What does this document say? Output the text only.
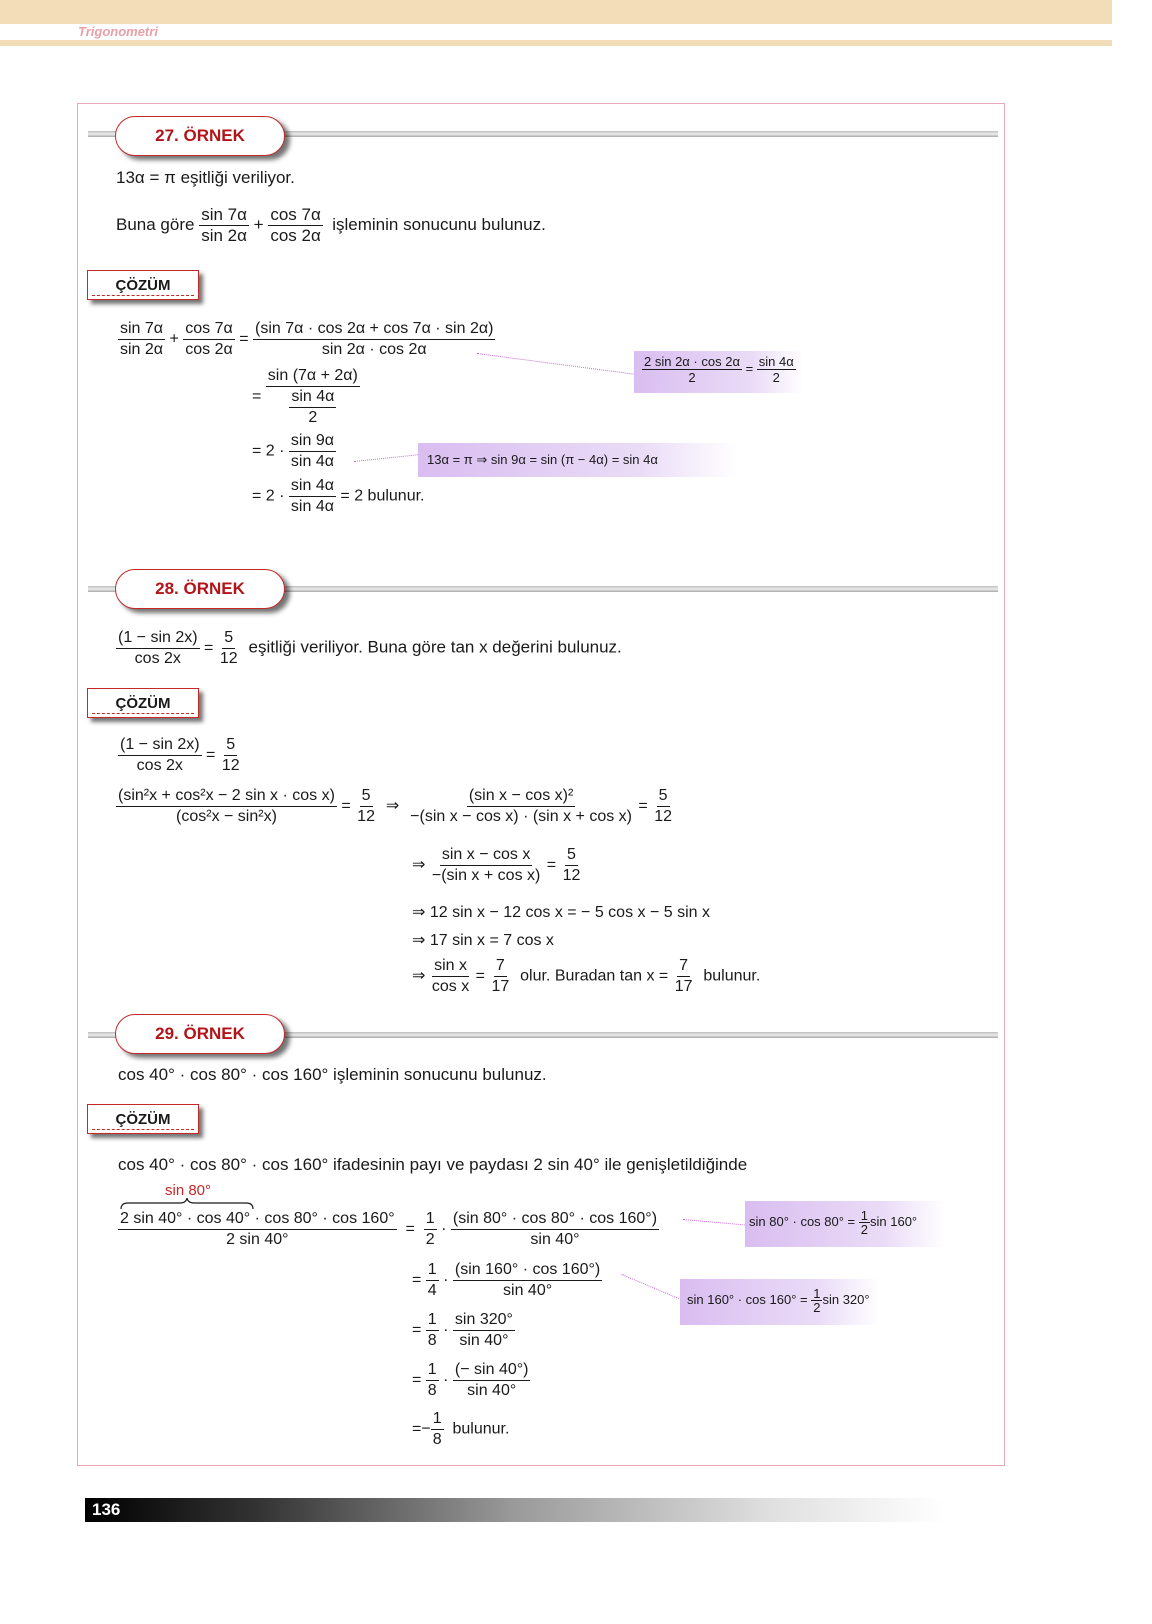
Trigonometri
27. ÖRNEK
13α = π eşitliği veriliyor.
Buna göre $\frac{\sin 7\alpha}{\sin 2\alpha} + \frac{\cos 7\alpha}{\cos 2\alpha}$ işleminin sonucunu bulunuz.
ÇÖZÜM
$\frac{\sin 7\alpha}{\sin 2\alpha} + \frac{\cos 7\alpha}{\cos 2\alpha} = \frac{(\sin 7\alpha \cdot \cos 2\alpha + \cos 7\alpha \cdot \sin 2\alpha)}{\sin 2\alpha \cdot \cos 2\alpha}$
= $\frac{\sin (7\alpha + 2\alpha)}{\frac{\sin 4\alpha}{2}}$
= $2 \cdot \frac{\sin 9\alpha}{\sin 4\alpha}$
= $2 \cdot \frac{\sin 4\alpha}{\sin 4\alpha} = 2$ bulunur.
$\frac{2 \sin 2\alpha \cdot \cos 2\alpha}{2} = \frac{\sin 4\alpha}{2}$
13α = π ⇒ sin 9α = sin (π − 4α) = sin 4α
28. ÖRNEK
$\frac{(1 - \sin 2x)}{\cos 2x} = \frac{5}{12}$ eşitliği veriliyor. Buna göre tan x değerini bulunuz.
ÇÖZÜM
$\frac{(1 - \sin 2x)}{\cos 2x} = \frac{5}{12}$
$\frac{\text{(sin²x + cos²x − 2 sin x · cos x)}}{\text{(cos²x − sin²x)}} = \frac{5}{12}$ ⇒ $\frac{\text{(sin x − cos x)²}}{\text{−(sin x − cos x) · (sin x + cos x)}} = \frac{5}{12}$
⇒ $\frac{\text{sin x − cos x}}{\text{−(sin x + cos x)}} = \frac{5}{12}$
⇒ 12 sin x − 12 cos x = − 5 cos x − 5 sin x
⇒ 17 sin x = 7 cos x
⇒ $\frac{\text{sin x}}{\text{cos x}} = \frac{7}{17}$ olur. Buradan $\tan x = \frac{7}{17}$ bulunur.
29. ÖRNEK
cos 40° · cos 80° · cos 160° işleminin sonucunu bulunuz.
ÇÖZÜM
cos 40° · cos 80° · cos 160° ifadesinin payı ve paydası 2 sin 40° ile genişletildiğinde
sin 80°
$\frac{2 \sin 40^\circ \cdot \cos 40^\circ \cdot \cos 80^\circ \cdot \cos 160^\circ}{2 \sin 40^\circ} = \frac{1}{2} \cdot \frac{(\sin 80^\circ \cdot \cos 80^\circ \cdot \cos 160^\circ)}{\sin 40^\circ}$
= $\frac{1}{4} \cdot \frac{(\sin 160^\circ \cdot \cos 160^\circ)}{\sin 40^\circ}$
= $\frac{1}{8} \cdot \frac{\sin 320^\circ}{\sin 40^\circ}$
= $\frac{1}{8} \cdot \frac{(- \sin 40^\circ)}{\sin 40^\circ}$
=− $\frac{1}{8}$ bulunur.
$\sin 80^\circ \cdot \cos 80^\circ = \frac{1}{2}$ sin 160°
$\sin 160^\circ \cdot \cos 160^\circ = \frac{1}{2}$ sin 320°
136
